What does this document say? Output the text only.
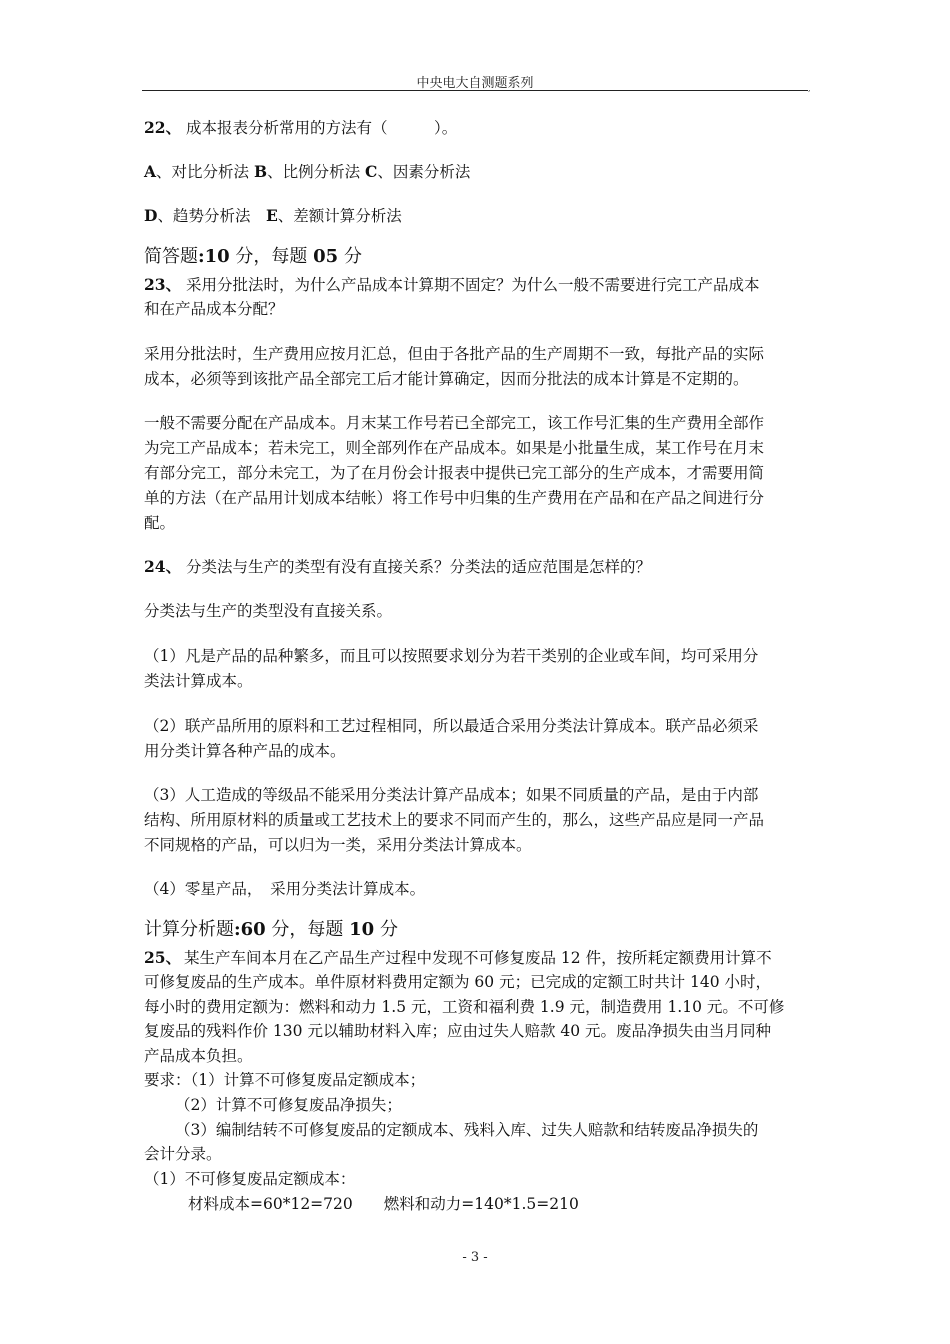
中央电大自测题系列	,
22、 成本报表分析常用的方法有（　　　）。
A、对比分析法 B、比例分析法 C、因素分析法
D、趋势分析法　E、差额计算分析法
简答题:10 分，每题 05 分
23、 采用分批法时，为什么产品成本计算期不固定？为什么一般不需要进行完工产品成本
和在产品成本分配？
采用分批法时，生产费用应按月汇总，但由于各批产品的生产周期不一致，每批产品的实际
成本，必须等到该批产品全部完工后才能计算确定，因而分批法的成本计算是不定期的。
一般不需要分配在产品成本。月末某工作号若已全部完工，该工作号汇集的生产费用全部作
为完工产品成本；若未完工，则全部列作在产品成本。如果是小批量生成，某工作号在月末
有部分完工，部分未完工，为了在月份会计报表中提供已完工部分的生产成本，才需要用简
单的方法（在产品用计划成本结帐）将工作号中归集的生产费用在产品和在产品之间进行分
配。
24、 分类法与生产的类型有没有直接关系？分类法的适应范围是怎样的？
分类法与生产的类型没有直接关系。
（1）凡是产品的品种繁多，而且可以按照要求划分为若干类别的企业或车间，均可采用分
类法计算成本。
（2）联产品所用的原料和工艺过程相同，所以最适合采用分类法计算成本。联产品必须采
用分类计算各种产品的成本。
（3）人工造成的等级品不能采用分类法计算产品成本；如果不同质量的产品，是由于内部
结构、所用原材料的质量或工艺技术上的要求不同而产生的，那么，这些产品应是同一产品
不同规格的产品，可以归为一类，采用分类法计算成本。
（4）零星产品，　采用分类法计算成本。
计算分析题:60 分，每题 10 分
25、 某生产车间本月在乙产品生产过程中发现不可修复废品 12 件，按所耗定额费用计算不
可修复废品的生产成本。单件原材料费用定额为 60 元；已完成的定额工时共计 140 小时，
每小时的费用定额为：燃料和动力 1.5 元，工资和福利费 1.9 元，制造费用 1.10 元。不可修
复废品的残料作价 130 元以辅助材料入库；应由过失人赔款 40 元。废品净损失由当月同种
产品成本负担。
要求：（1）计算不可修复废品定额成本；
（2）计算不可修复废品净损失；
（3）编制结转不可修复废品的定额成本、残料入库、过失人赔款和结转废品净损失的
会计分录。
（1）不可修复废品定额成本：
材料成本=60*12=720　　燃料和动力=140*1.5=210
- 3 -
